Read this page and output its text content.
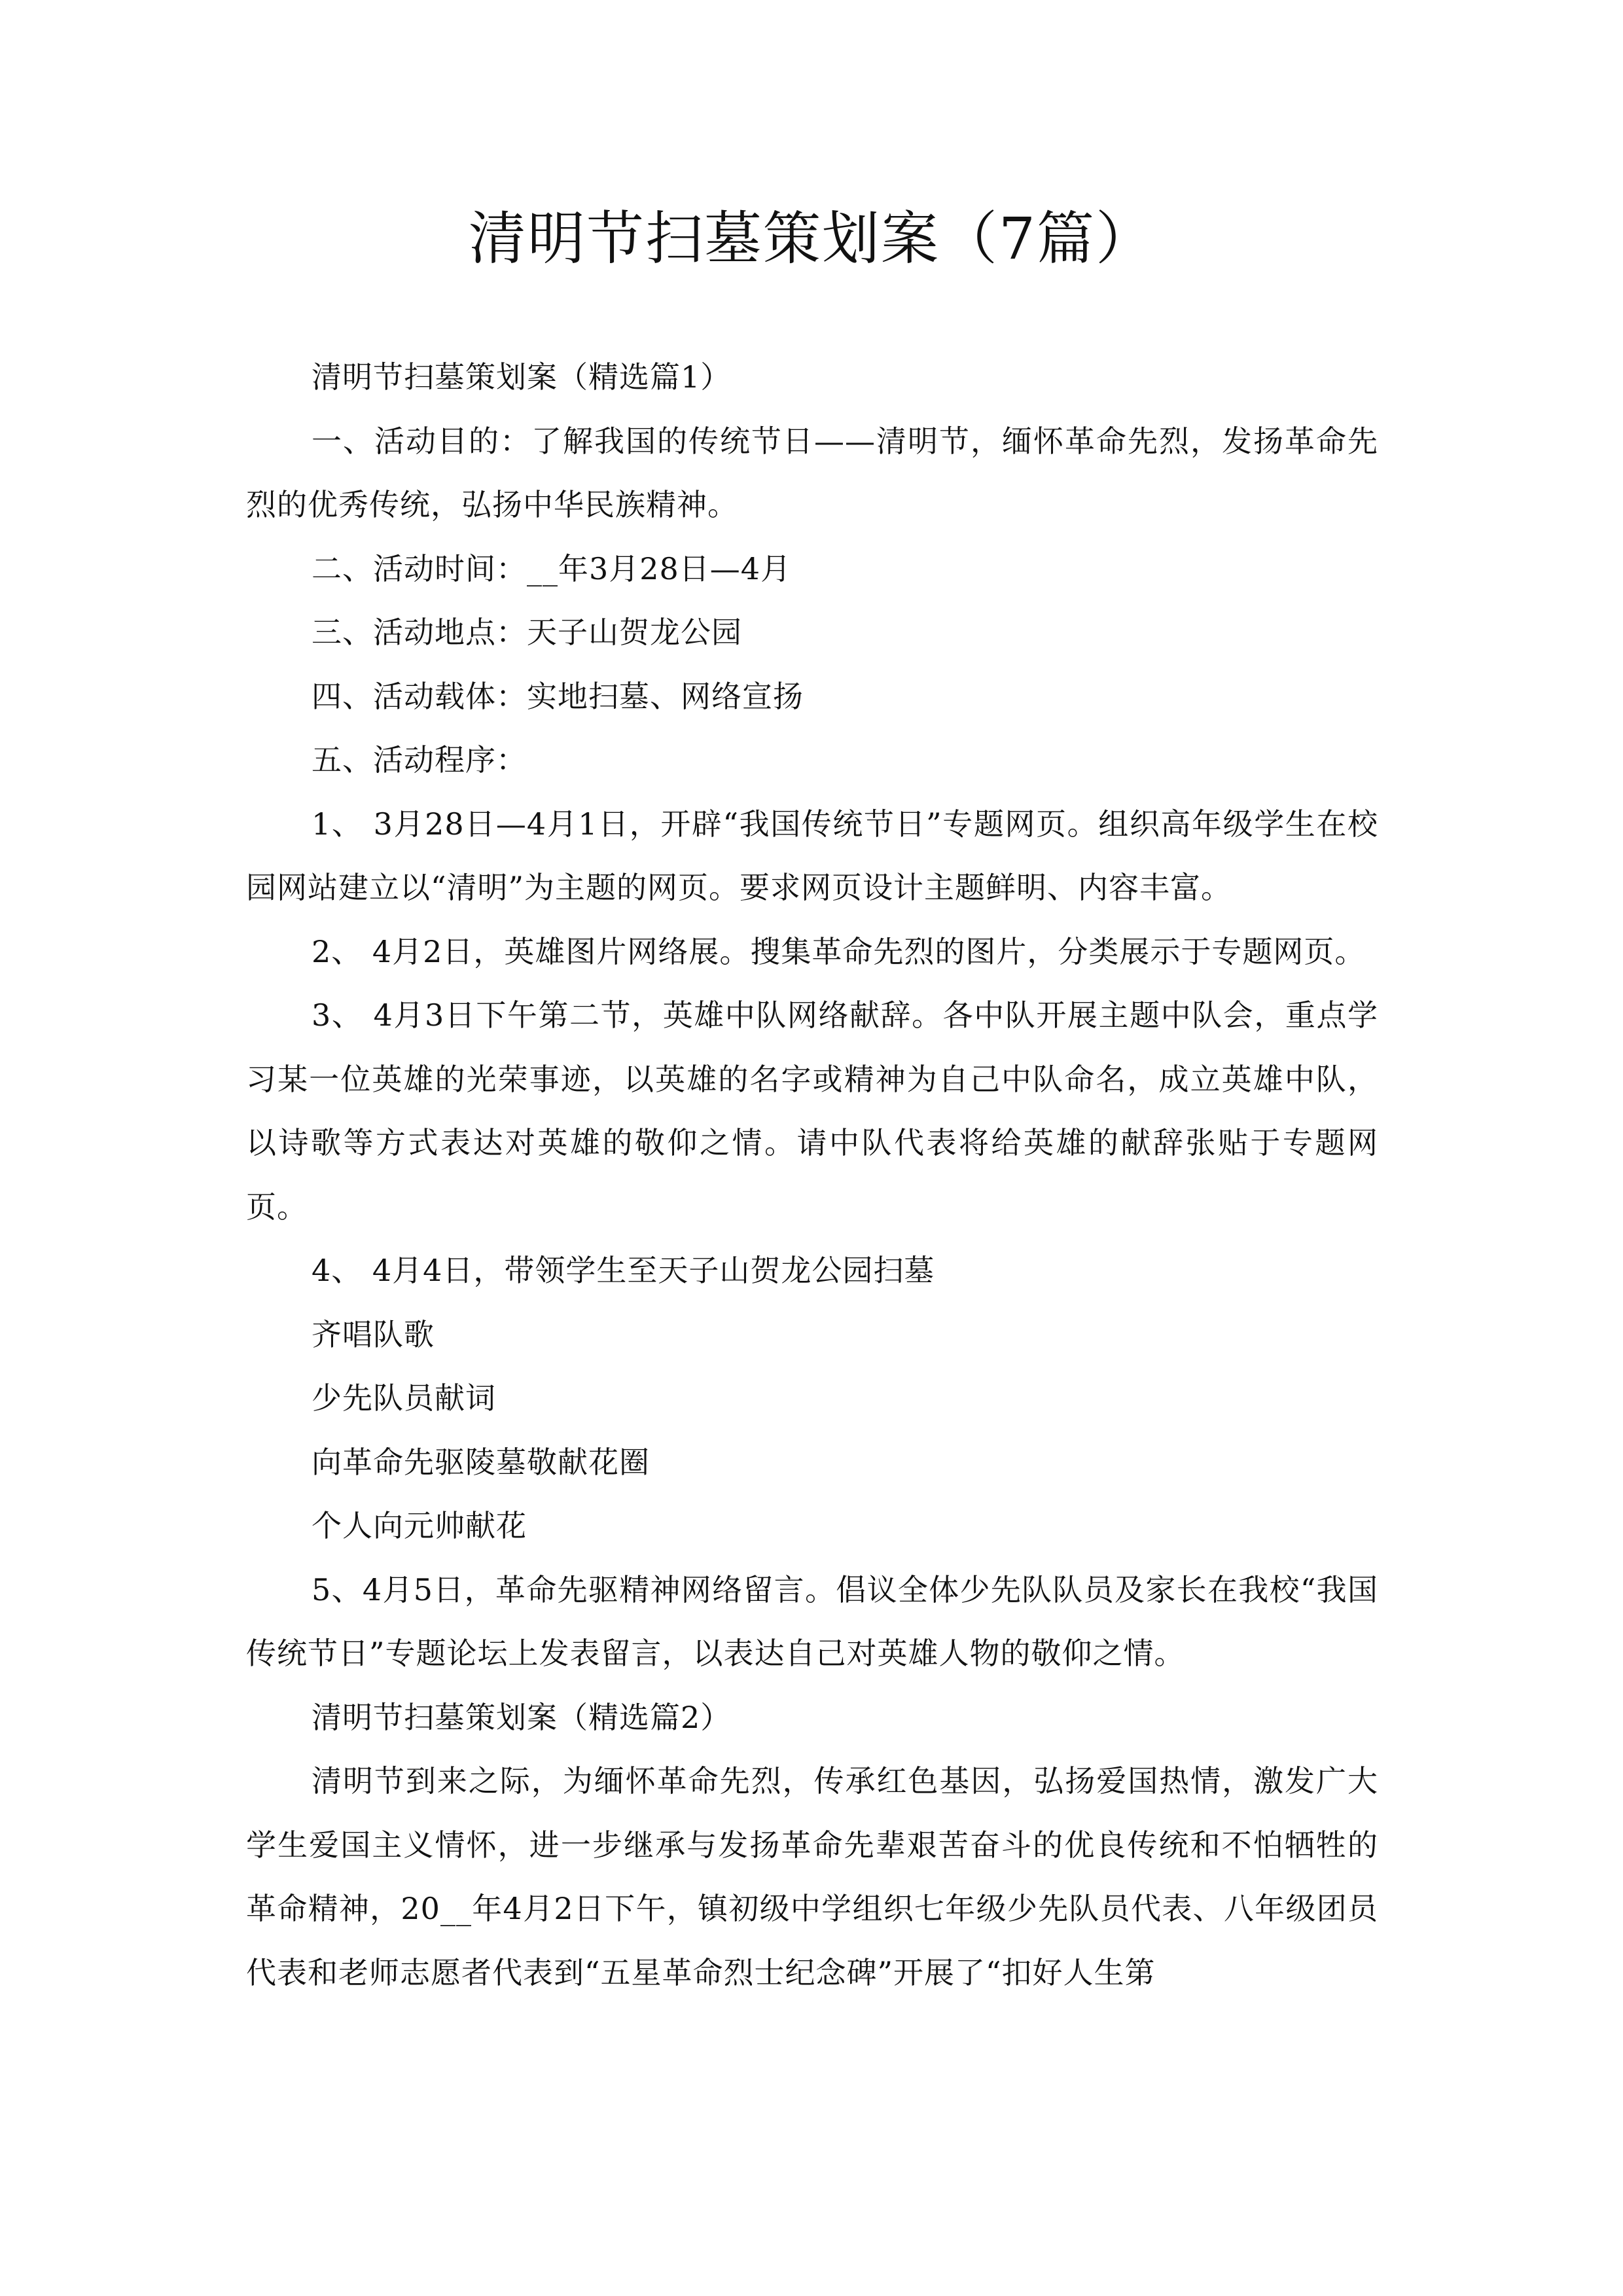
清明节扫墓策划案（7篇）

清明节扫墓策划案（精选篇1）

一、活动目的：了解我国的传统节日——清明节，缅怀革命先烈，发扬革命先烈的优秀传统，弘扬中华民族精神。

二、活动时间：__年3月28日—4月

三、活动地点：天子山贺龙公园

四、活动载体：实地扫墓、网络宣扬

五、活动程序：

1、 3月28日—4月1日，开辟“我国传统节日”专题网页。组织高年级学生在校园网站建立以“清明”为主题的网页。要求网页设计主题鲜明、内容丰富。

2、 4月2日，英雄图片网络展。搜集革命先烈的图片，分类展示于专题网页。

3、 4月3日下午第二节，英雄中队网络献辞。各中队开展主题中队会，重点学习某一位英雄的光荣事迹，以英雄的名字或精神为自己中队命名，成立英雄中队，以诗歌等方式表达对英雄的敬仰之情。请中队代表将给英雄的献辞张贴于专题网页。

4、 4月4日，带领学生至天子山贺龙公园扫墓

齐唱队歌

少先队员献词

向革命先驱陵墓敬献花圈

个人向元帅献花

5、4月5日，革命先驱精神网络留言。倡议全体少先队队员及家长在我校“我国传统节日”专题论坛上发表留言，以表达自己对英雄人物的敬仰之情。

清明节扫墓策划案（精选篇2）

清明节到来之际，为缅怀革命先烈，传承红色基因，弘扬爱国热情，激发广大学生爱国主义情怀，进一步继承与发扬革命先辈艰苦奋斗的优良传统和不怕牺牲的革命精神，20__年4月2日下午，镇初级中学组织七年级少先队员代表、八年级团员代表和老师志愿者代表到“五星革命烈士纪念碑”开展了“扣好人生第
